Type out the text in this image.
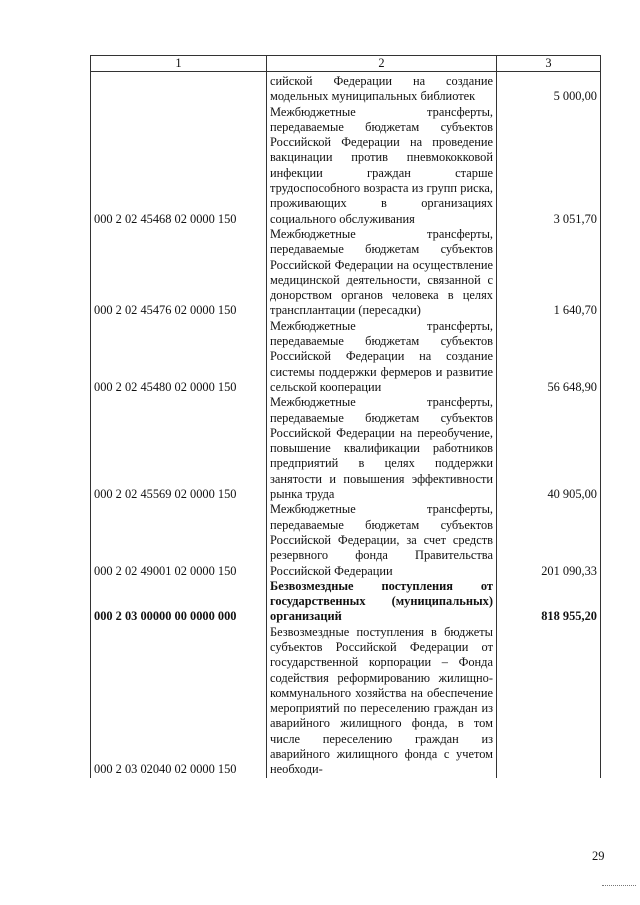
1	2	3
	сийской Федерации на создание модельных муниципальных библиотек	5 000,00
000 2 02 45468 02 0000 150	Межбюджетные трансферты, передаваемые бюджетам субъектов Российской Федерации на проведение вакцинации против пневмококковой инфекции граждан старше трудоспособного возраста из групп риска, проживающих в организациях социального обслуживания	3 051,70
000 2 02 45476 02 0000 150	Межбюджетные трансферты, передаваемые бюджетам субъектов Российской Федерации на осуществление медицинской деятельности, связанной с донорством органов человека в целях трансплантации (пересадки)	1 640,70
000 2 02 45480 02 0000 150	Межбюджетные трансферты, передаваемые бюджетам субъектов Российской Федерации на создание системы поддержки фермеров и развитие сельской кооперации	56 648,90
000 2 02 45569 02 0000 150	Межбюджетные трансферты, передаваемые бюджетам субъектов Российской Федерации на переобучение, повышение квалификации работников предприятий в целях поддержки занятости и повышения эффективности рынка труда	40 905,00
000 2 02 49001 02 0000 150	Межбюджетные трансферты, передаваемые бюджетам субъектов Российской Федерации, за счет средств резервного фонда Правительства Российской Федерации	201 090,33
000 2 03 00000 00 0000 000	Безвозмездные поступления от государственных (муниципальных) организаций	818 955,20
000 2 03 02040 02 0000 150	Безвозмездные поступления в бюджеты субъектов Российской Федерации от государственной корпорации – Фонда содействия реформированию жилищно-коммунального хозяйства на обеспечение мероприятий по переселению граждан из аварийного жилищного фонда, в том числе переселению граждан из аварийного жилищного фонда с учетом необходи-	
29
